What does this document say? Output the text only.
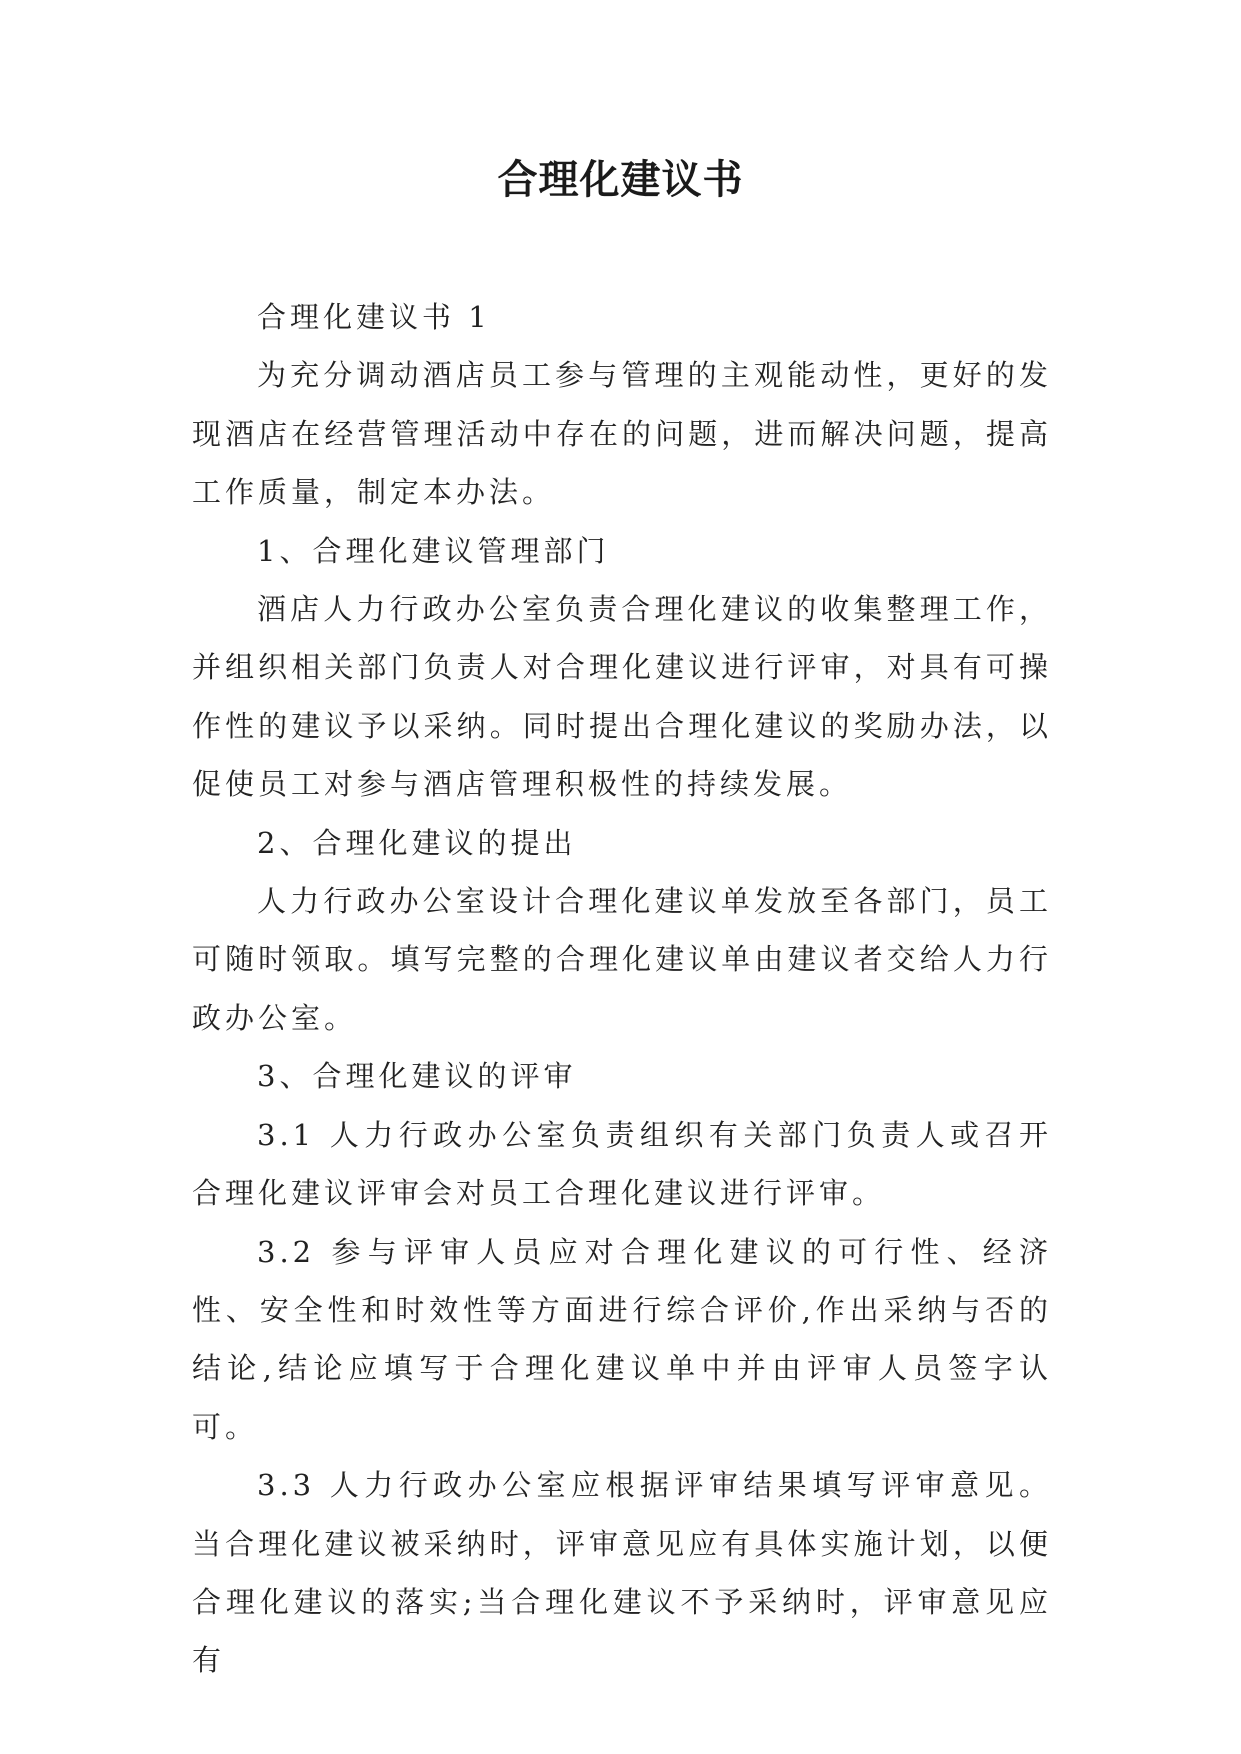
合理化建议书

合理化建议书 1

为充分调动酒店员工参与管理的主观能动性，更好的发现酒店在经营管理活动中存在的问题，进而解决问题，提高工作质量，制定本办法。

1、合理化建议管理部门

酒店人力行政办公室负责合理化建议的收集整理工作，并组织相关部门负责人对合理化建议进行评审，对具有可操作性的建议予以采纳。同时提出合理化建议的奖励办法，以促使员工对参与酒店管理积极性的持续发展。

2、合理化建议的提出

人力行政办公室设计合理化建议单发放至各部门，员工可随时领取。填写完整的合理化建议单由建议者交给人力行政办公室。

3、合理化建议的评审

3.1 人力行政办公室负责组织有关部门负责人或召开合理化建议评审会对员工合理化建议进行评审。

3.2 参与评审人员应对合理化建议的可行性、经济性、安全性和时效性等方面进行综合评价,作出采纳与否的结论,结论应填写于合理化建议单中并由评审人员签字认可。

3.3 人力行政办公室应根据评审结果填写评审意见。当合理化建议被采纳时，评审意见应有具体实施计划，以便合理化建议的落实;当合理化建议不予采纳时，评审意见应有
